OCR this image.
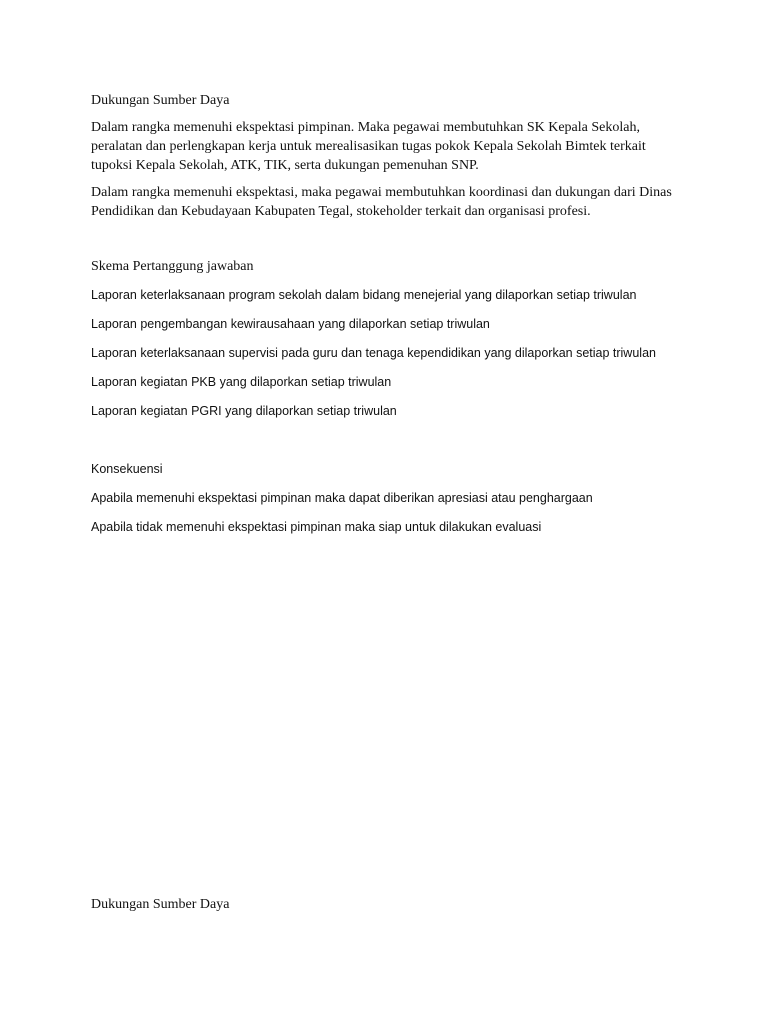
Dukungan Sumber Daya

Dalam rangka memenuhi ekspektasi pimpinan. Maka pegawai membutuhkan SK Kepala Sekolah,
peralatan dan perlengkapan kerja untuk merealisasikan tugas pokok Kepala Sekolah Bimtek terkait
tupoksi Kepala Sekolah, ATK, TIK, serta dukungan pemenuhan SNP.
Dalam rangka memenuhi ekspektasi, maka pegawai membutuhkan koordinasi dan dukungan dari Dinas
Pendidikan dan Kebudayaan Kabupaten Tegal, stokeholder terkait dan organisasi profesi.

Skema Pertanggung jawaban

Laporan keterlaksanaan program sekolah dalam bidang menejerial yang dilaporkan setiap triwulan

Laporan pengembangan kewirausahaan yang dilaporkan setiap triwulan

Laporan keterlaksanaan supervisi pada guru dan tenaga kependidikan yang dilaporkan setiap triwulan

Laporan kegiatan PKB yang dilaporkan setiap triwulan

Laporan kegiatan PGRI yang dilaporkan setiap triwulan

Konsekuensi

Apabila memenuhi ekspektasi pimpinan maka dapat diberikan apresiasi atau penghargaan

Apabila tidak memenuhi ekspektasi pimpinan maka siap untuk dilakukan evaluasi

Dukungan Sumber Daya
